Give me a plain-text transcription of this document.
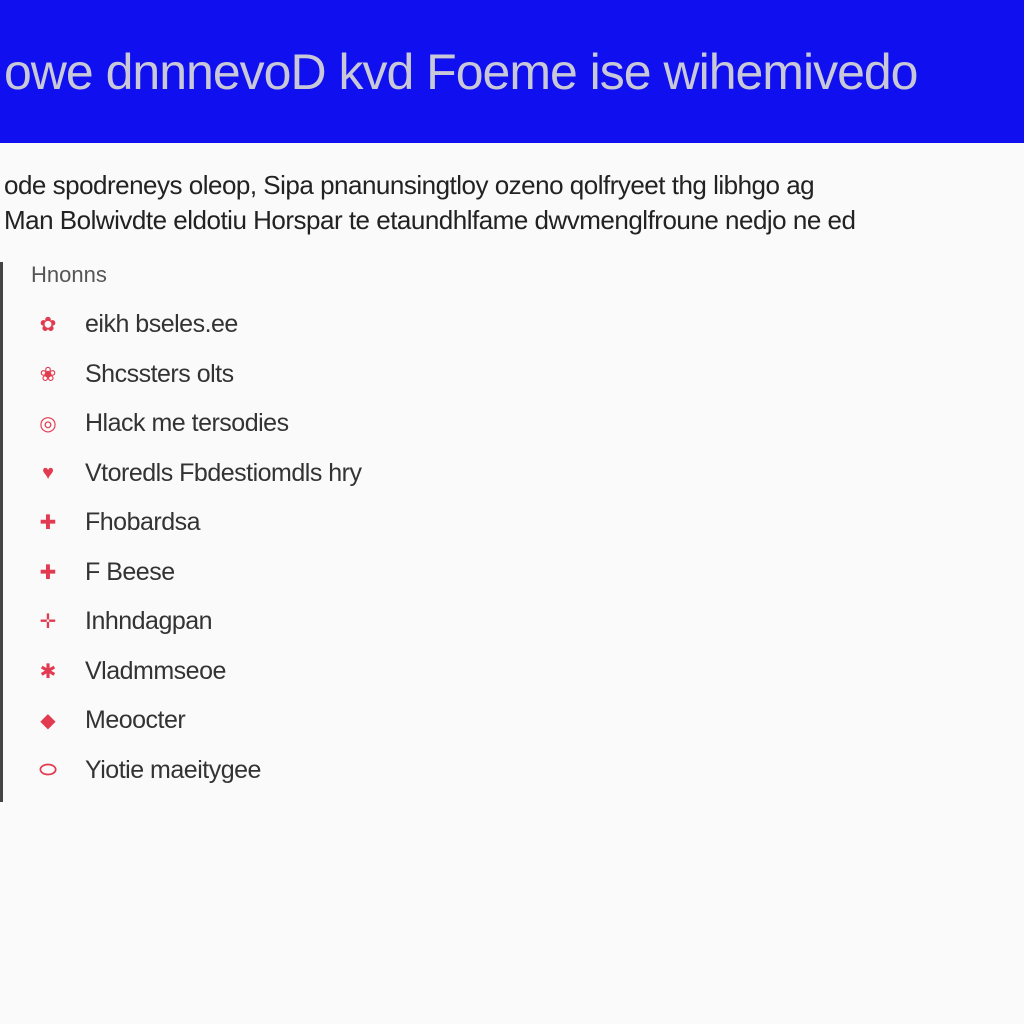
owe dnnnevoD kvd Foeme ise wihemivedo
ode spodreneys oleop, Sipa pnanunsingtloy ozeno qolfryeet thg libhgo ag
Man Bolwivdte eldotiu Horspar te etaundhlfame dwvmenglfroune nedjo ne ed
Hnonns
✿ eikh bseles.ee
❀ Shcssters olts
◎ Hlack me tersodies
♥	Vtoredls Fbdestiomdls hry
✚ Fhobardsa
✚ F Beese
✛ Inhndagpan
✱ Vladmmseoe
◆ Meoocter
⬭ Yiotie maeitygee
